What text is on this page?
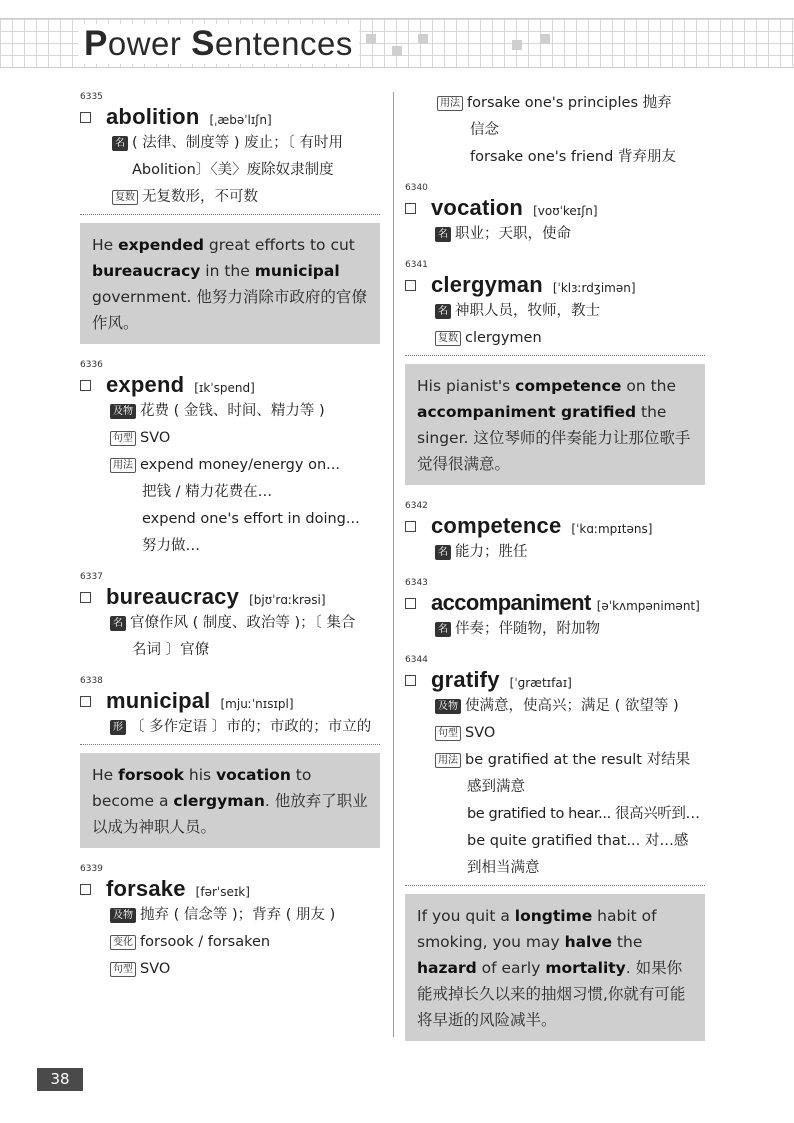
Power Sentences
6335
abolition [ˌæbəˈlɪʃn]
名 ( 法律、制度等 ) 废止；〔 有时用
Abolition〕〈美〉废除奴隶制度
复数 无复数形，不可数
He expended great efforts to cut bureaucracy in the municipal government. 他努力消除市政府的官僚作风。
6336
expend [ɪkˈspend]
及物 花费 ( 金钱、时间、精力等 )
句型 SVO
用法 expend money/energy on...
把钱 / 精力花费在…
expend one's effort in doing...
努力做…
6337
bureaucracy [bjʊˈrɑːkrəsi]
名 官僚作风 ( 制度、政治等 )；〔 集合
名词 〕官僚
6338
municipal [mjuːˈnɪsɪpl]
形 〔 多作定语 〕市的；市政的；市立的
He forsook his vocation to become a clergyman. 他放弃了职业以成为神职人员。
6339
forsake [fərˈseɪk]
及物 抛弃 ( 信念等 )；背弃 ( 朋友 )
变化 forsook / forsaken
句型 SVO
用法 forsake one's principles 抛弃
信念
forsake one's friend 背弃朋友
6340
vocation [voʊˈkeɪʃn]
名 职业；天职，使命
6341
clergyman [ˈklɜːrdʒimən]
名 神职人员，牧师，教士
复数 clergymen
His pianist's competence on the accompaniment gratified the singer. 这位琴师的伴奏能力让那位歌手觉得很满意。
6342
competence [ˈkɑːmpɪtəns]
名 能力；胜任
6343
accompaniment [əˈkʌmpənimənt]
名 伴奏；伴随物，附加物
6344
gratify [ˈɡrætɪfaɪ]
及物 使满意，使高兴；满足 ( 欲望等 )
句型 SVO
用法 be gratified at the result 对结果
感到满意
be gratified to hear... 很高兴听到…
be quite gratified that... 对…感
到相当满意
If you quit a longtime habit of smoking, you may halve the hazard of early mortality. 如果你能戒掉长久以来的抽烟习惯,你就有可能将早逝的风险减半。
38
